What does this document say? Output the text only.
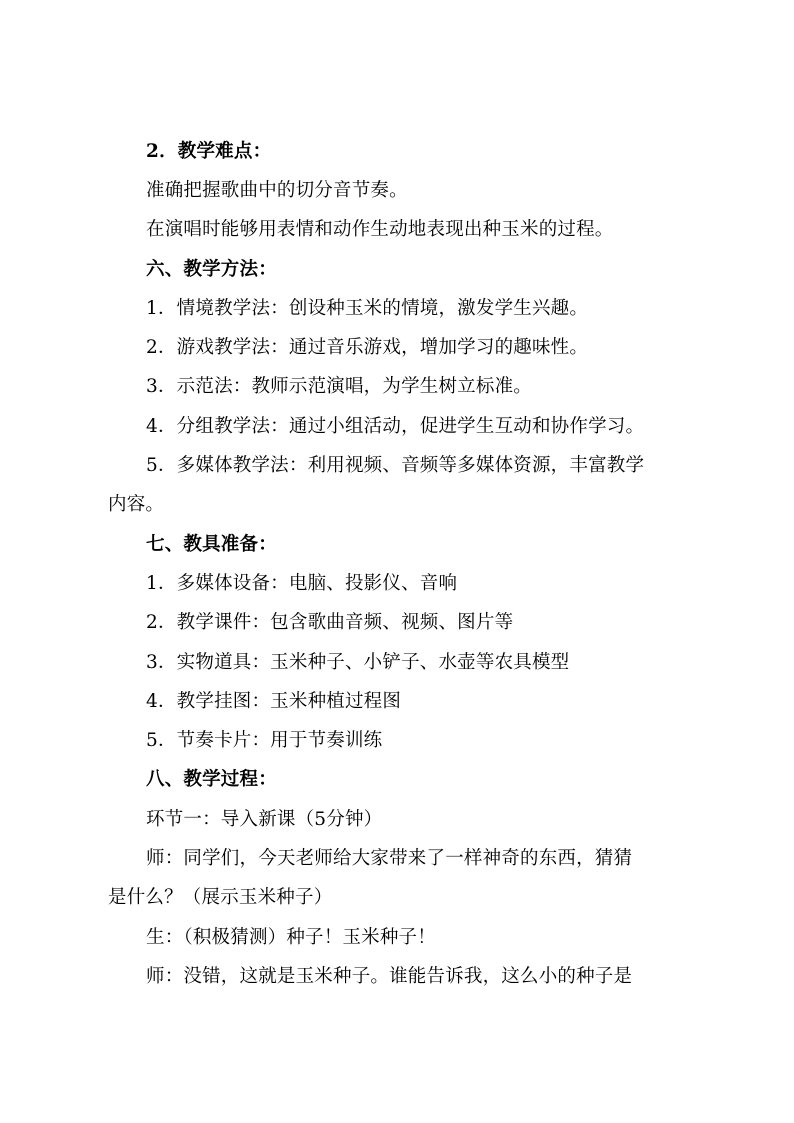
2．教学难点：
准确把握歌曲中的切分音节奏。
在演唱时能够用表情和动作生动地表现出种玉米的过程。
六、教学方法：
1．情境教学法：创设种玉米的情境，激发学生兴趣。
2．游戏教学法：通过音乐游戏，增加学习的趣味性。
3．示范法：教师示范演唱，为学生树立标准。
4．分组教学法：通过小组活动，促进学生互动和协作学习。
5．多媒体教学法：利用视频、音频等多媒体资源，丰富教学
内容。
七、教具准备：
1．多媒体设备：电脑、投影仪、音响
2．教学课件：包含歌曲音频、视频、图片等
3．实物道具：玉米种子、小铲子、水壶等农具模型
4．教学挂图：玉米种植过程图
5．节奏卡片：用于节奏训练
八、教学过程：
环节一：导入新课（5分钟）
师：同学们，今天老师给大家带来了一样神奇的东西，猜猜
是什么？（展示玉米种子）
生：（积极猜测）种子！玉米种子！
师：没错，这就是玉米种子。谁能告诉我，这么小的种子是
